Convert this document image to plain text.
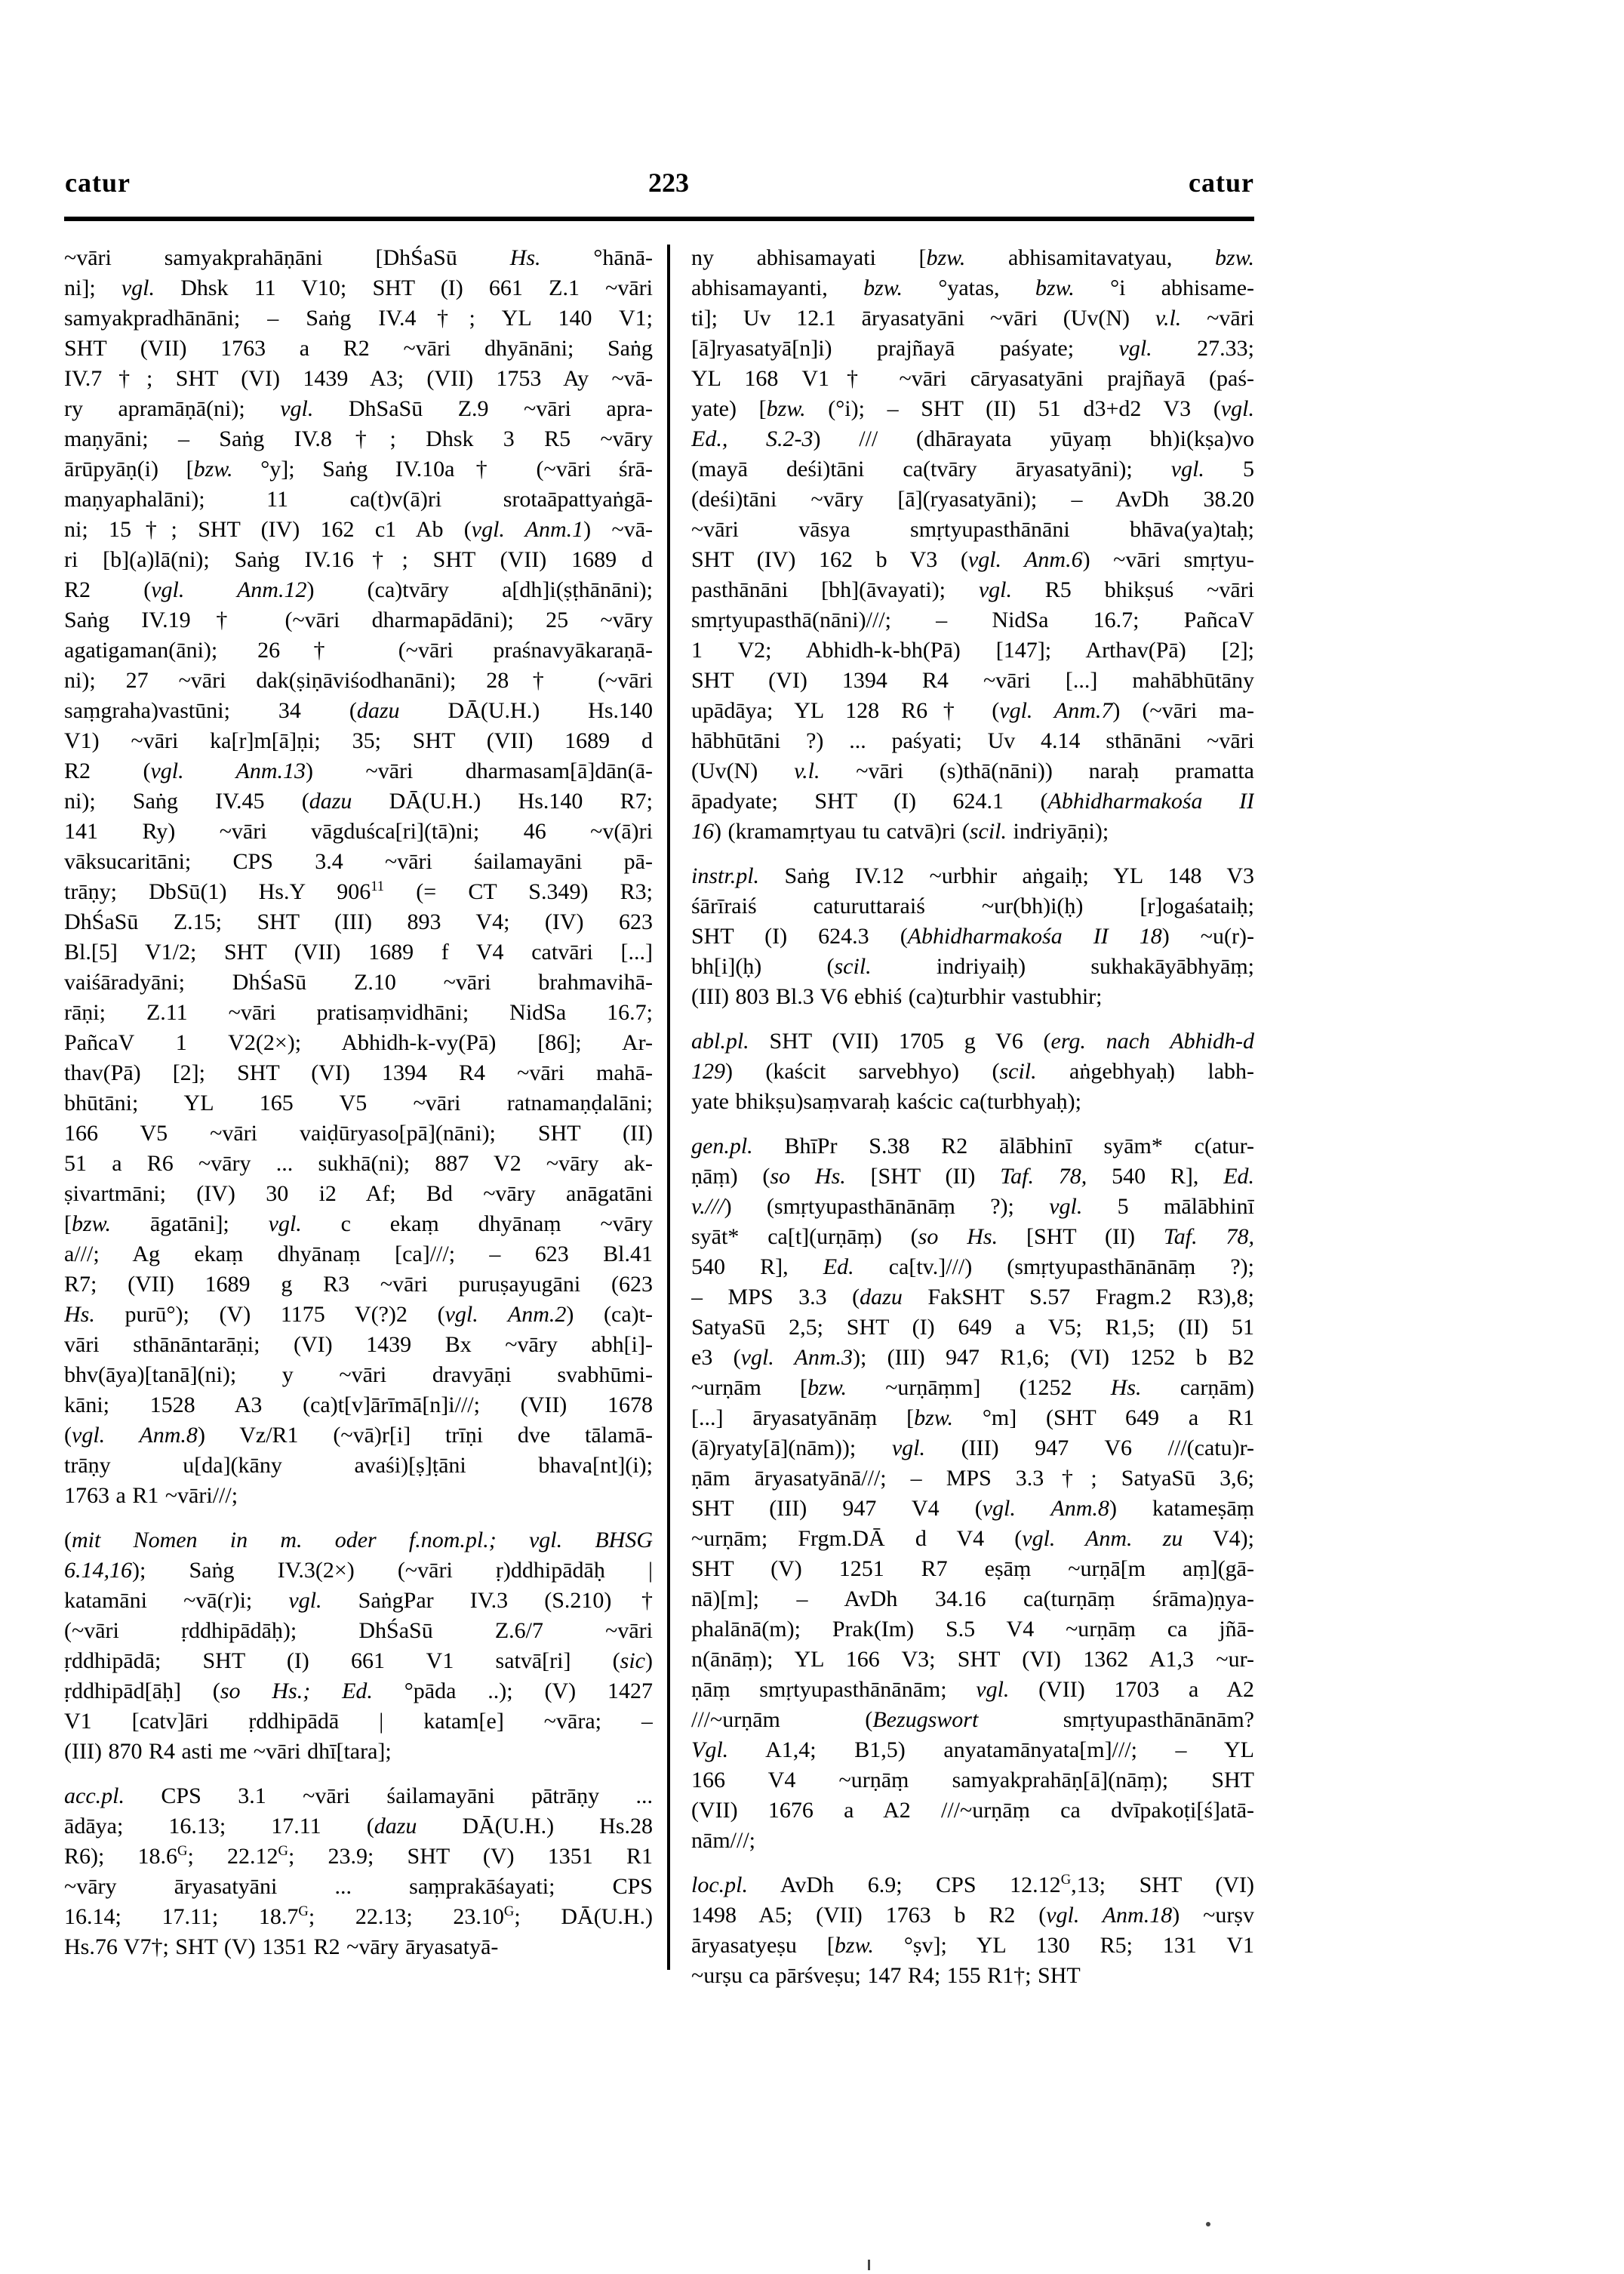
catur	223	catur
~vāri samyakprahāṇāni [DhŚaSū Hs. °hānā-
ni]; vgl. Dhsk 11 V10; SHT (I) 661 Z.1 ~vāri
samyakpradhānāni; – Saṅg IV.4†; YL 140 V1;
SHT (VII) 1763 a R2 ~vāri dhyānāni; Saṅg
IV.7†; SHT (VI) 1439 A3; (VII) 1753 Ay ~vā-
ry apramāṇā(ni); vgl. DhSaSū Z.9 ~vāri apra-
maṇyāni; – Saṅg IV.8†; Dhsk 3 R5 ~vāry
ārūpyāṇ(i) [bzw. °y]; Saṅg IV.10a† (~vāri śrā-
maṇyaphalāni); 11 ca(t)v(ā)ri srotaāpattyaṅgā-
ni; 15†; SHT (IV) 162 c1 Ab (vgl. Anm.1) ~vā-
ri [b](a)lā(ni); Saṅg IV.16†; SHT (VII) 1689 d
R2 (vgl. Anm.12) (ca)tvāry a[dh]i(ṣṭhānāni);
Saṅg IV.19† (~vāri dharmapādāni); 25 ~vāry
agatigaman(āni); 26† (~vāri praśnavyākaraṇā-
ni); 27 ~vāri dak(ṣiṇāviśodhanāni); 28† (~vāri
saṃgraha)vastūni; 34 (dazu DĀ(U.H.) Hs.140
V1) ~vāri ka[r]m[ā]ṇi; 35; SHT (VII) 1689 d
R2 (vgl. Anm.13) ~vāri dharmasam[ā]dān(ā-
ni); Saṅg IV.45 (dazu DĀ(U.H.) Hs.140 R7;
141 Ry) ~vāri vāgduśca[ri](tā)ni; 46 ~v(ā)ri
vāksucaritāni; CPS 3.4 ~vāri śailamayāni pā-
trāṇy; DbSū(1) Hs.Y $906^{11}$ (= CT S.349) R3;
DhŚaSū Z.15; SHT (III) 893 V4; (IV) 623
Bl.[5] V1/2; SHT (VII) 1689 f V4 catvāri [...]
vaiśāradyāni; DhŚaSū Z.10 ~vāri brahmavihā-
rāṇi; Z.11 ~vāri pratisaṃvidhāni; NidSa 16.7;
PañcaV 1 V2(2×); Abhidh-k-vy(Pā) [86]; Ar-
thav(Pā) [2]; SHT (VI) 1394 R4 ~vāri mahā-
bhūtāni; YL 165 V5 ~vāri ratnamaṇḍalāni;
166 V5 ~vāri vaiḍūryaso[pā](nāni); SHT (II)
51 a R6 ~vāry ... sukhā(ni); 887 V2 ~vāry ak-
ṣivartmāni; (IV) 30 i2 Af; Bd ~vāry anāgatāni
[bzw. āgatāni]; vgl. c ekaṃ dhyānaṃ ~vāry
a///; Ag ekaṃ dhyānaṃ [ca]///; – 623 Bl.41
R7; (VII) 1689 g R3 ~vāri puruṣayugāni (623
Hs. purū°); (V) 1175 V(?)2 (vgl. Anm.2) (ca)t-
vāri sthānāntarāṇi; (VI) 1439 Bx ~vāry abh[i]-
bhv(āya)[tanā](ni); y ~vāri dravyāṇi svabhūmi-
kāni; 1528 A3 (ca)t[v]ārīmā[n]i///; (VII) 1678
(vgl. Anm.8) Vz/R1 (~vā)r[i] trīṇi dve tālamā-
trāṇy u[da](kāny avaśi)[ṣ]ṭāni bhava[nt](i);
1763 a R1 ~vāri///;
(mit Nomen in m. oder f.nom.pl.; vgl. BHSG
6.14,16); Saṅg IV.3(2×) (~vāri ṛ)ddhipādāḥ |
katamāni ~vā(r)i; vgl. SaṅgPar IV.3 (S.210)†
(~vāri ṛddhipādāḥ); DhŚaSū Z.6/7 ~vāri
ṛddhipādā; SHT (I) 661 V1 satvā[ri] (sic)
ṛddhipād[āḥ] (so Hs.; Ed. °pāda ..); (V) 1427
V1 [catv]āri ṛddhipādā | katam[e] ~vāra; –
(III) 870 R4 asti me ~vāri dhī[tara];
acc.pl. CPS 3.1 ~vāri śailamayāni pātrāṇy ...
ādāya; 16.13; 17.11 (dazu DĀ(U.H.) Hs.28
R6); $18.6^G$; $22.12^G$; 23.9; SHT (V) 1351 R1
~vāry āryasatyāni ... saṃprakāśayati; CPS
16.14; 17.11; $18.7^G$; 22.13; $23.10^G$; DĀ(U.H.)
Hs.76 V7†; SHT (V) 1351 R2 ~vāry āryasatyā-
ny abhisamayati [bzw. abhisamitavatyau, bzw.
abhisamayanti, bzw. °yatas, bzw. °i abhisame-
ti]; Uv 12.1 āryasatyāni ~vāri (Uv(N) v.l. ~vāri
[ā]ryasatyā[n]i) prajñayā paśyate; vgl. 27.33;
YL 168 V1† ~vāri cāryasatyāni prajñayā (paś-
yate) [bzw. (°i); – SHT (II) 51 d3+d2 V3 (vgl.
Ed., S.2-3) /// (dhārayata yūyaṃ bh)i(kṣa)vo
(mayā deśi)tāni ca(tvāry āryasatyāni); vgl. 5
(deśi)tāni ~vāry [ā](ryasatyāni); – AvDh 38.20
~vāri vāsya smṛtyupasthānāni bhāva(ya)taḥ;
SHT (IV) 162 b V3 (vgl. Anm.6) ~vāri smṛtyu-
pasthānāni [bh](āvayati); vgl. R5 bhikṣuś ~vāri
smṛtyupasthā(nāni)///; – NidSa 16.7; PañcaV
1 V2; Abhidh-k-bh(Pā) [147]; Arthav(Pā) [2];
SHT (VI) 1394 R4 ~vāri [...] mahābhūtāny
upādāya; YL 128 R6† (vgl. Anm.7) (~vāri ma-
hābhūtāni ?) ... paśyati; Uv 4.14 sthānāni ~vāri
(Uv(N) v.l. ~vāri (s)thā(nāni)) naraḥ pramatta
āpadyate; SHT (I) 624.1 (Abhidharmakośa II
16) (kramamṛtyau tu catvā)ri (scil. indriyāṇi);
instr.pl. Saṅg IV.12 ~urbhir aṅgaiḥ; YL 148 V3
śārīraiś caturuttaraiś ~ur(bh)i(ḥ) [r]ogaśataiḥ;
SHT (I) 624.3 (Abhidharmakośa II 18) ~u(r)-
bh[i](ḥ) (scil. indriyaiḥ) sukhakāyābhyāṃ;
(III) 803 Bl.3 V6 ebhiś (ca)turbhir vastubhir;
abl.pl. SHT (VII) 1705 g V6 (erg. nach Abhidh-d
129) (kaścit sarvebhyo) (scil. aṅgebhyaḥ) labh-
yate bhikṣu)saṃvaraḥ kaścic ca(turbhyaḥ);
gen.pl. BhīPr S.38 R2 ālābhinī syām* c(atur-
ṇāṃ) (so Hs. [SHT (II) Taf. 78, 540 R], Ed.
v.///) (smṛtyupasthānānāṃ ?); vgl. 5 mālābhinī
syāt* ca[t](urṇāṃ) (so Hs. [SHT (II) Taf. 78,
540 R], Ed. ca[tv.]///) (smṛtyupasthānānāṃ ?);
– MPS 3.3 (dazu FakSHT S.57 Fragm.2 R3),8;
SatyaSū 2,5; SHT (I) 649 a V5; R1,5; (II) 51
e3 (vgl. Anm.3); (III) 947 R1,6; (VI) 1252 b B2
~urṇām [bzw. ~urṇāṃm] (1252 Hs. carṇām)
[...] āryasatyānāṃ [bzw. °m] (SHT 649 a R1
(ā)ryaty[ā](nām)); vgl. (III) 947 V6 ///(catu)r-
ṇām āryasatyānā///; – MPS 3.3†; SatyaSū 3,6;
SHT (III) 947 V4 (vgl. Anm.8) katameṣāṃ
~urṇām; Frgm.DĀ d V4 (vgl. Anm. zu V4);
SHT (V) 1251 R7 eṣāṃ ~urṇā[m aṃ](gā-
nā)[m]; – AvDh 34.16 ca(turṇāṃ śrāma)ṇya-
phalānā(m); Prak(Im) S.5 V4 ~urṇāṃ ca jñā-
n(ānāṃ); YL 166 V3; SHT (VI) 1362 A1,3 ~ur-
ṇāṃ smṛtyupasthānānām; vgl. (VII) 1703 a A2
///~urṇām (Bezugswort smṛtyupasthānānām?
Vgl. A1,4; B1,5) anyatamānyata[m]///; – YL
166 V4 ~urṇāṃ samyakprahāṇ[ā](nāṃ); SHT
(VII) 1676 a A2 ///~urṇāṃ ca dvīpakoṭi[ś]atā-
nām///;
loc.pl. AvDh 6.9; CPS $12.12^G,13$; SHT (VI)
1498 A5; (VII) 1763 b R2 (vgl. Anm.18) ~urṣv
āryasatyeṣu [bzw. °ṣv]; YL 130 R5; 131 V1
~urṣu ca pārśveṣu; 147 R4; 155 R1†; SHT
